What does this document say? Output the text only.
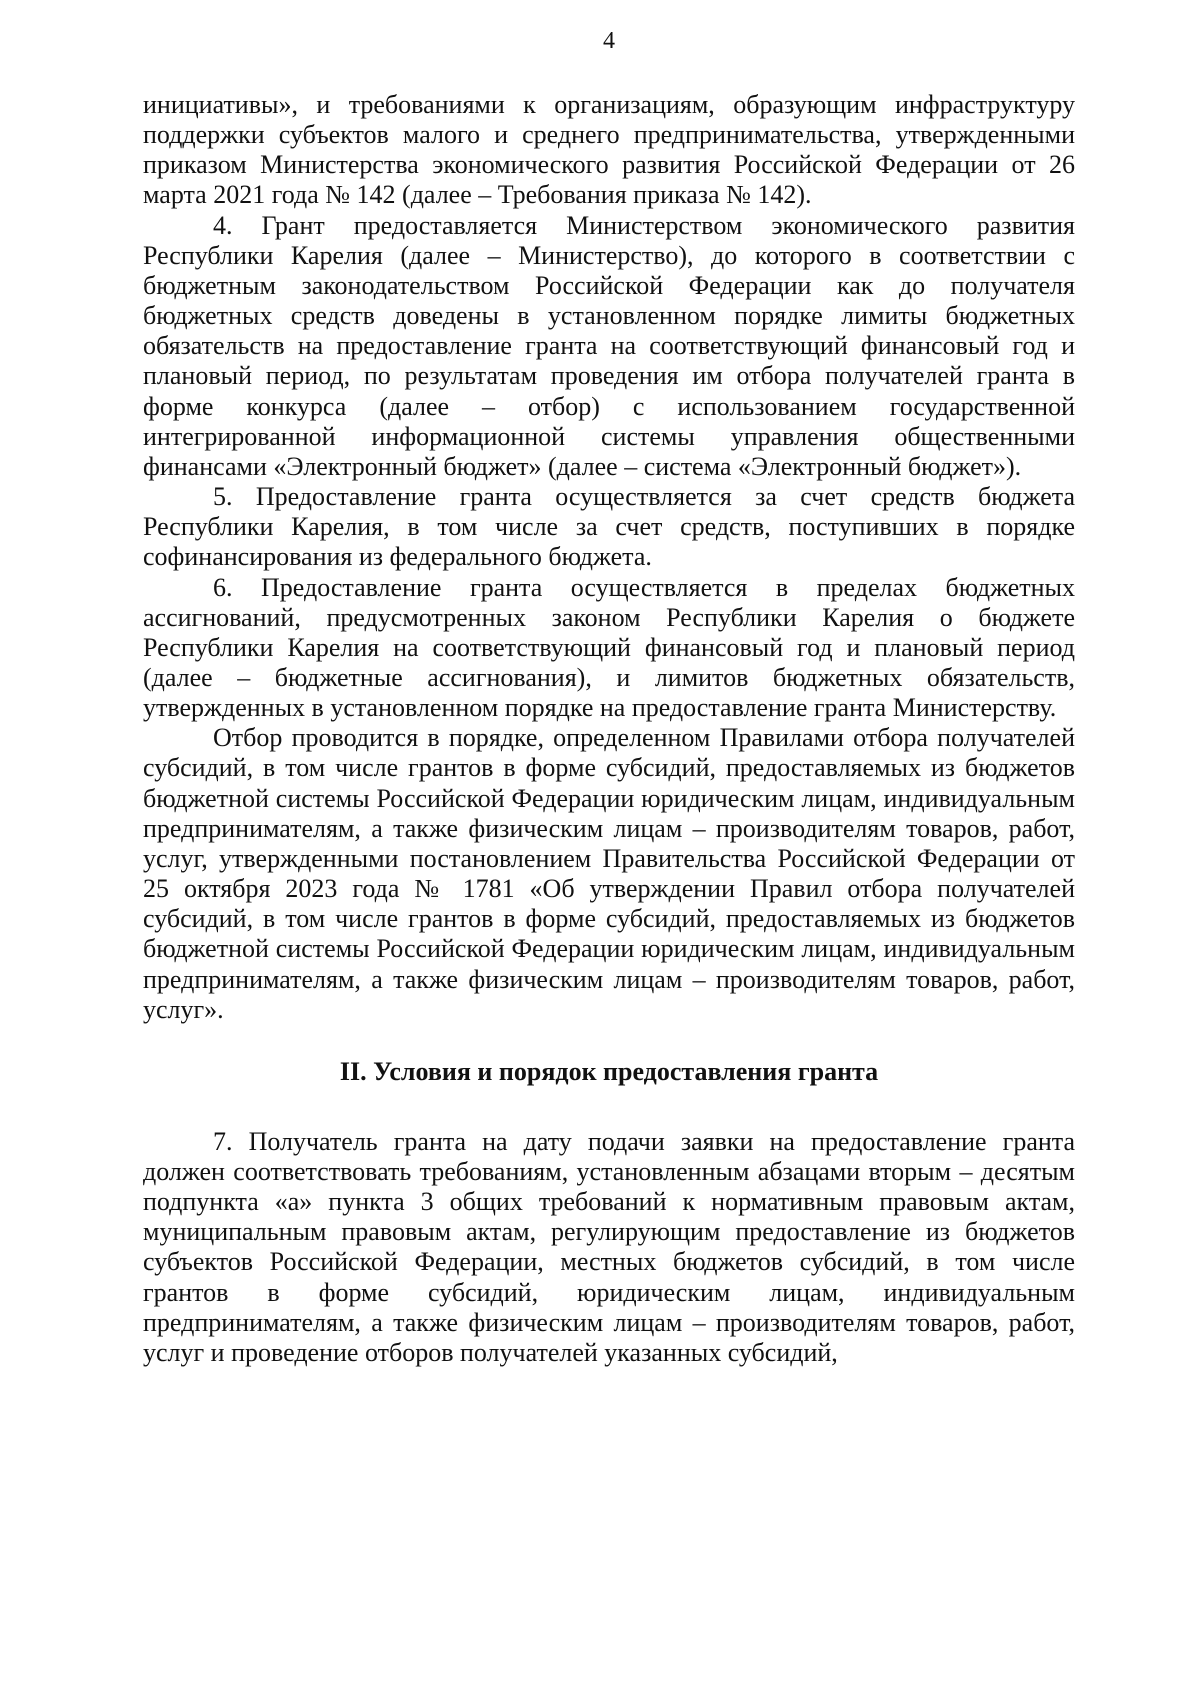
4

инициативы», и требованиями к организациям, образующим инфраструктуру поддержки субъектов малого и среднего предпринимательства, утвержденными приказом Министерства экономического развития Российской Федерации от 26 марта 2021 года № 142 (далее – Требования приказа № 142).

4. Грант предоставляется Министерством экономического развития Республики Карелия (далее – Министерство), до которого в соответствии с бюджетным законодательством Российской Федерации как до получателя бюджетных средств доведены в установленном порядке лимиты бюджетных обязательств на предоставление гранта на соответствующий финансовый год и плановый период, по результатам проведения им отбора получателей гранта в форме конкурса (далее – отбор) с использованием государственной интегрированной информационной системы управления общественными финансами «Электронный бюджет» (далее – система «Электронный бюджет»).

5. Предоставление гранта осуществляется за счет средств бюджета Республики Карелия, в том числе за счет средств, поступивших в порядке софинансирования из федерального бюджета.

6. Предоставление гранта осуществляется в пределах бюджетных ассигнований, предусмотренных законом Республики Карелия о бюджете Республики Карелия на соответствующий финансовый год и плановый период (далее – бюджетные ассигнования), и лимитов бюджетных обязательств, утвержденных в установленном порядке на предоставление гранта Министерству.

Отбор проводится в порядке, определенном Правилами отбора получателей субсидий, в том числе грантов в форме субсидий, предоставляемых из бюджетов бюджетной системы Российской Федерации юридическим лицам, индивидуальным предпринимателям, а также физическим лицам – производителям товаров, работ, услуг, утвержденными постановлением Правительства Российской Федерации от 25 октября 2023 года № 1781 «Об утверждении Правил отбора получателей субсидий, в том числе грантов в форме субсидий, предоставляемых из бюджетов бюджетной системы Российской Федерации юридическим лицам, индивидуальным предпринимателям, а также физическим лицам – производителям товаров, работ, услуг».

II. Условия и порядок предоставления гранта

7. Получатель гранта на дату подачи заявки на предоставление гранта должен соответствовать требованиям, установленным абзацами вторым – десятым подпункта «а» пункта 3 общих требований к нормативным правовым актам, муниципальным правовым актам, регулирующим предоставление из бюджетов субъектов Российской Федерации, местных бюджетов субсидий, в том числе грантов в форме субсидий, юридическим лицам, индивидуальным предпринимателям, а также физическим лицам – производителям товаров, работ, услуг и проведение отборов получателей указанных субсидий,
